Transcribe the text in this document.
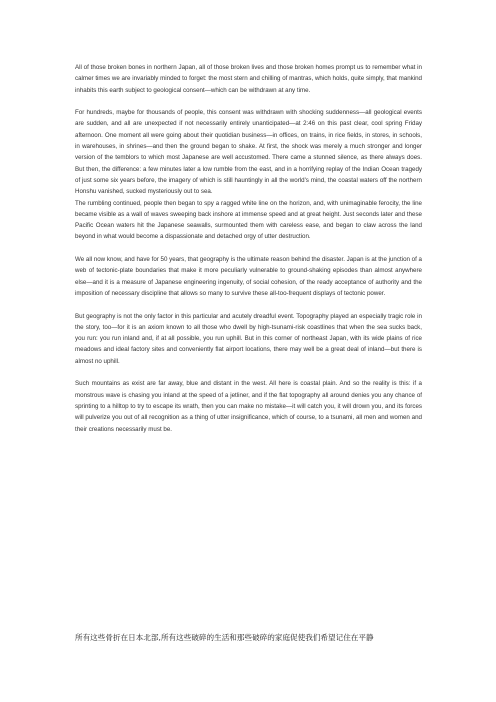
All of those broken bones in northern Japan, all of those broken lives and those broken homes prompt us to remember what in calmer times we are invariably minded to forget: the most stern and chilling of mantras, which holds, quite simply, that mankind inhabits this earth subject to geological consent—which can be withdrawn at any time.

For hundreds, maybe for thousands of people, this consent was withdrawn with shocking suddenness—all geological events are sudden, and all are unexpected if not necessarily entirely unanticipated—at 2:46 on this past clear, cool spring Friday afternoon. One moment all were going about their quotidian business—in offices, on trains, in rice fields, in stores, in schools, in warehouses, in shrines—and then the ground began to shake. At first, the shock was merely a much stronger and longer version of the temblors to which most Japanese are well accustomed. There came a stunned silence, as there always does. But then, the difference: a few minutes later a low rumble from the east, and in a horrifying replay of the Indian Ocean tragedy of just some six years before, the imagery of which is still hauntingly in all the world's mind, the coastal waters off the northern Honshu vanished, sucked mysteriously out to sea.

The rumbling continued, people then began to spy a ragged white line on the horizon, and, with unimaginable ferocity, the line became visible as a wall of waves sweeping back inshore at immense speed and at great height. Just seconds later and these Pacific Ocean waters hit the Japanese seawalls, surmounted them with careless ease, and began to claw across the land beyond in what would become a dispassionate and detached orgy of utter destruction.

We all now know, and have for 50 years, that geography is the ultimate reason behind the disaster. Japan is at the junction of a web of tectonic-plate boundaries that make it more peculiarly vulnerable to ground-shaking episodes than almost anywhere else—and it is a measure of Japanese engineering ingenuity, of social cohesion, of the ready acceptance of authority and the imposition of necessary discipline that allows so many to survive these all-too-frequent displays of tectonic power.

But geography is not the only factor in this particular and acutely dreadful event. Topography played an especially tragic role in the story, too—for it is an axiom known to all those who dwell by high-tsunami-risk coastlines that when the sea sucks back, you run: you run inland and, if at all possible, you run uphill. But in this corner of northeast Japan, with its wide plains of rice meadows and ideal factory sites and conveniently flat airport locations, there may well be a great deal of inland—but there is almost no uphill.

Such mountains as exist are far away, blue and distant in the west. All here is coastal plain. And so the reality is this: if a monstrous wave is chasing you inland at the speed of a jetliner, and if the flat topography all around denies you any chance of sprinting to a hilltop to try to escape its wrath, then you can make no mistake—it will catch you, it will drown you, and its forces will pulverize you out of all recognition as a thing of utter insignificance, which of course, to a tsunami, all men and women and their creations necessarily must be.

所有这些骨折在日本北部,所有这些破碎的生活和那些破碎的家庭促使我们希望记住在平静
